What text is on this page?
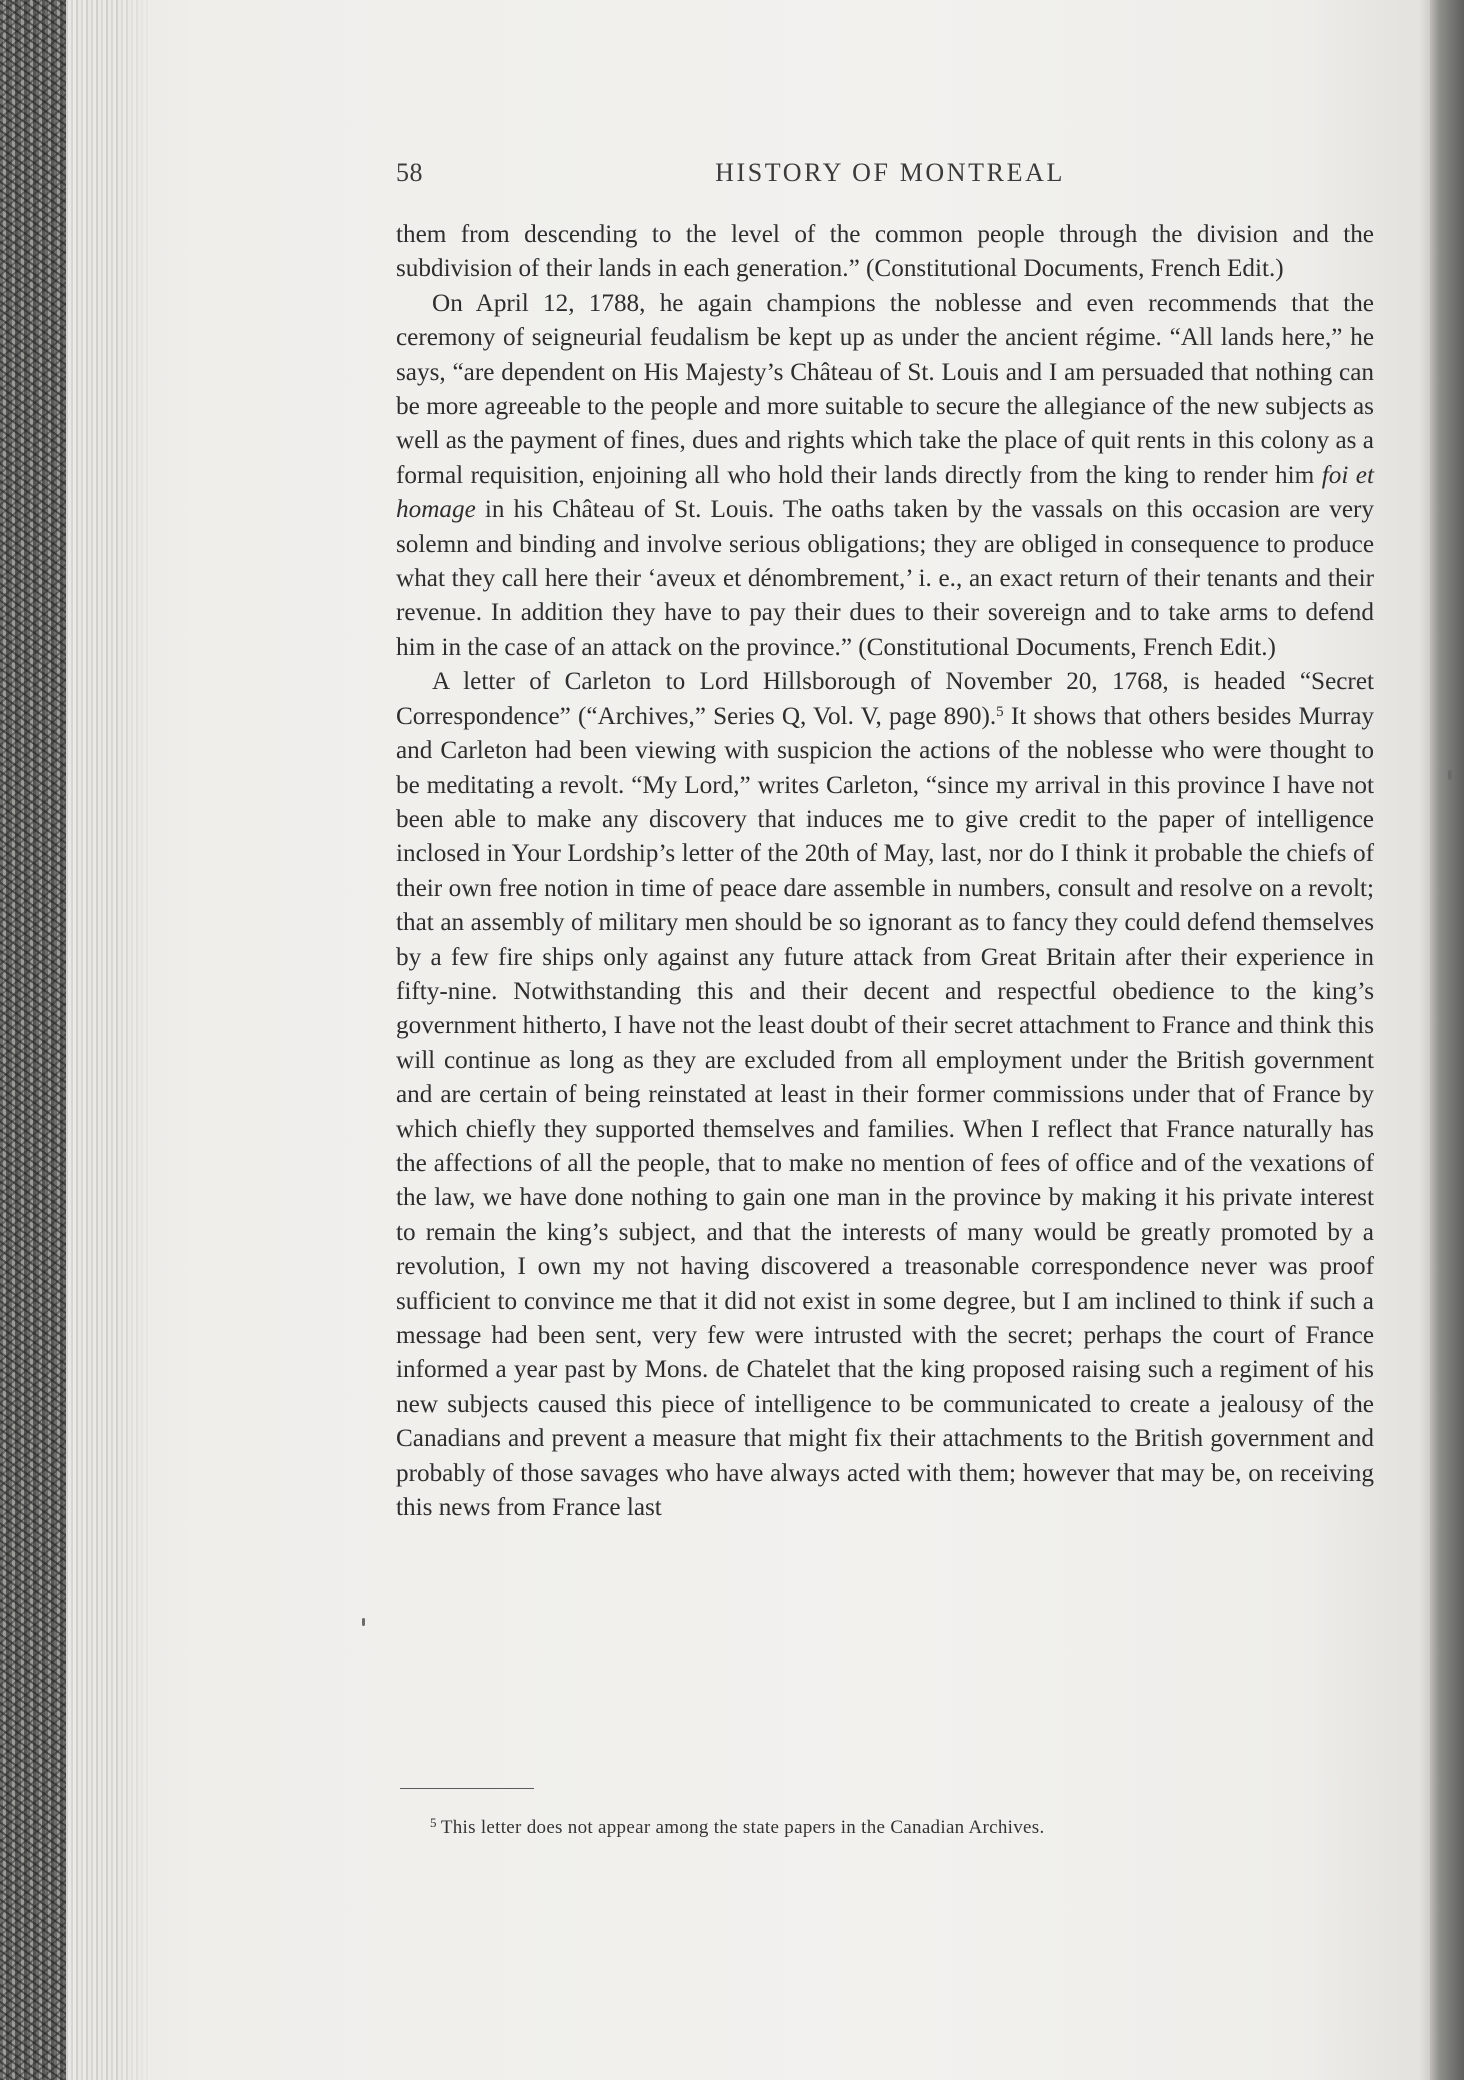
58	HISTORY OF MONTREAL

them from descending to the level of the common people through the division and the subdivision of their lands in each generation.” (Constitutional Documents, French Edit.)

On April 12, 1788, he again champions the noblesse and even recommends that the ceremony of seigneurial feudalism be kept up as under the ancient régime. “All lands here,” he says, “are dependent on His Majesty’s Château of St. Louis and I am persuaded that nothing can be more agreeable to the people and more suitable to secure the allegiance of the new subjects as well as the payment of fines, dues and rights which take the place of quit rents in this colony as a formal requisition, enjoining all who hold their lands directly from the king to render him foi et homage in his Château of St. Louis. The oaths taken by the vassals on this occasion are very solemn and binding and involve serious obligations; they are obliged in consequence to produce what they call here their ‘aveux et dénombrement,’ i. e., an exact return of their tenants and their revenue. In addition they have to pay their dues to their sovereign and to take arms to defend him in the case of an attack on the province.” (Constitutional Documents, French Edit.)

A letter of Carleton to Lord Hillsborough of November 20, 1768, is headed “Secret Correspondence” (“Archives,” Series Q, Vol. V, page 890).$^5$ It shows that others besides Murray and Carleton had been viewing with suspicion the actions of the noblesse who were thought to be meditating a revolt. “My Lord,” writes Carleton, “since my arrival in this province I have not been able to make any discovery that induces me to give credit to the paper of intelligence inclosed in Your Lordship’s letter of the 20th of May, last, nor do I think it probable the chiefs of their own free notion in time of peace dare assemble in numbers, consult and resolve on a revolt; that an assembly of military men should be so ignorant as to fancy they could defend themselves by a few fire ships only against any future attack from Great Britain after their experience in fifty-nine. Notwithstanding this and their decent and respectful obedience to the king’s government hitherto, I have not the least doubt of their secret attachment to France and think this will continue as long as they are excluded from all employment under the British government and are certain of being reinstated at least in their former commissions under that of France by which chiefly they supported themselves and families. When I reflect that France naturally has the affections of all the people, that to make no mention of fees of office and of the vexations of the law, we have done nothing to gain one man in the province by making it his private interest to remain the king’s subject, and that the interests of many would be greatly promoted by a revolution, I own my not having discovered a treasonable correspondence never was proof sufficient to convince me that it did not exist in some degree, but I am inclined to think if such a message had been sent, very few were intrusted with the secret; perhaps the court of France informed a year past by Mons. de Chatelet that the king proposed raising such a regiment of his new subjects caused this piece of intelligence to be communicated to create a jealousy of the Canadians and prevent a measure that might fix their attachments to the British government and probably of those savages who have always acted with them; however that may be, on receiving this news from France last

$^5$ This letter does not appear among the state papers in the Canadian Archives.
